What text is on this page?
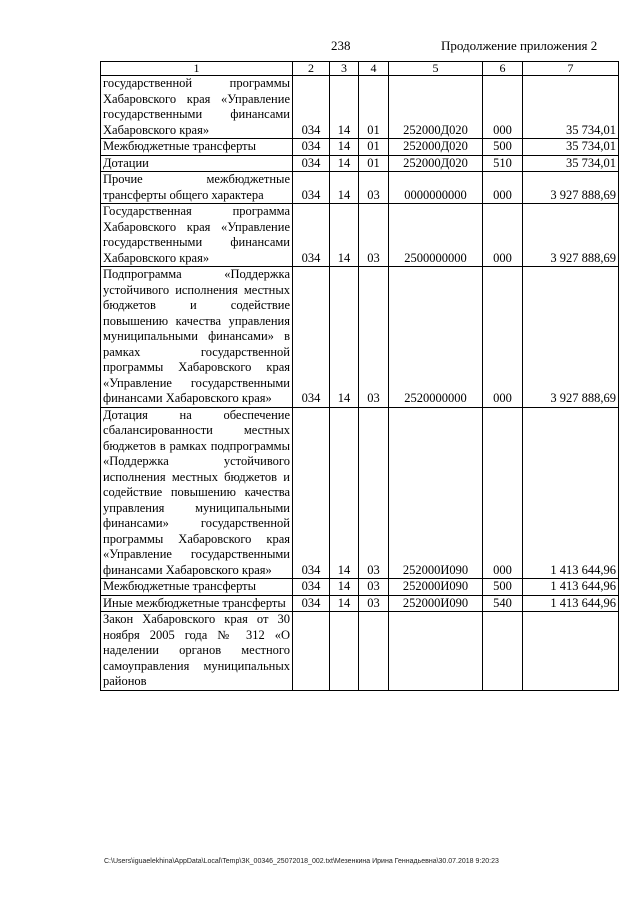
238	Продолжение приложения 2
1	2	3	4	5	6	7
государственной программы Хабаровского края «Управление государственными финансами Хабаровского края»	034	14	01	252000Д020	000	35 734,01
Межбюджетные трансферты	034	14	01	252000Д020	500	35 734,01
Дотации	034	14	01	252000Д020	510	35 734,01
Прочие межбюджетные трансферты общего характера	034	14	03	0000000000	000	3 927 888,69
Государственная программа Хабаровского края «Управление государственными финансами Хабаровского края»	034	14	03	2500000000	000	3 927 888,69
Подпрограмма «Поддержка устойчивого исполнения местных бюджетов и содействие повышению качества управления муниципальными финансами» в рамках государственной программы Хабаровского края «Управление государственными финансами Хабаровского края»	034	14	03	2520000000	000	3 927 888,69
Дотация на обеспечение сбалансированности местных бюджетов в рамках подпрограммы «Поддержка устойчивого исполнения местных бюджетов и содействие повышению качества управления муниципальными финансами» государственной программы Хабаровского края «Управление государственными финансами Хабаровского края»	034	14	03	252000И090	000	1 413 644,96
Межбюджетные трансферты	034	14	03	252000И090	500	1 413 644,96
Иные межбюджетные трансферты	034	14	03	252000И090	540	1 413 644,96
Закон Хабаровского края от 30 ноября 2005 года № 312 «О наделении органов местного самоуправления муниципальных районов						
C:\Users\iguaelekhina\AppData\Local\Temp\ЗК_00346_25072018_002.txt\Мезенкина Ирина Геннадьевна\30.07.2018 9:20:23
